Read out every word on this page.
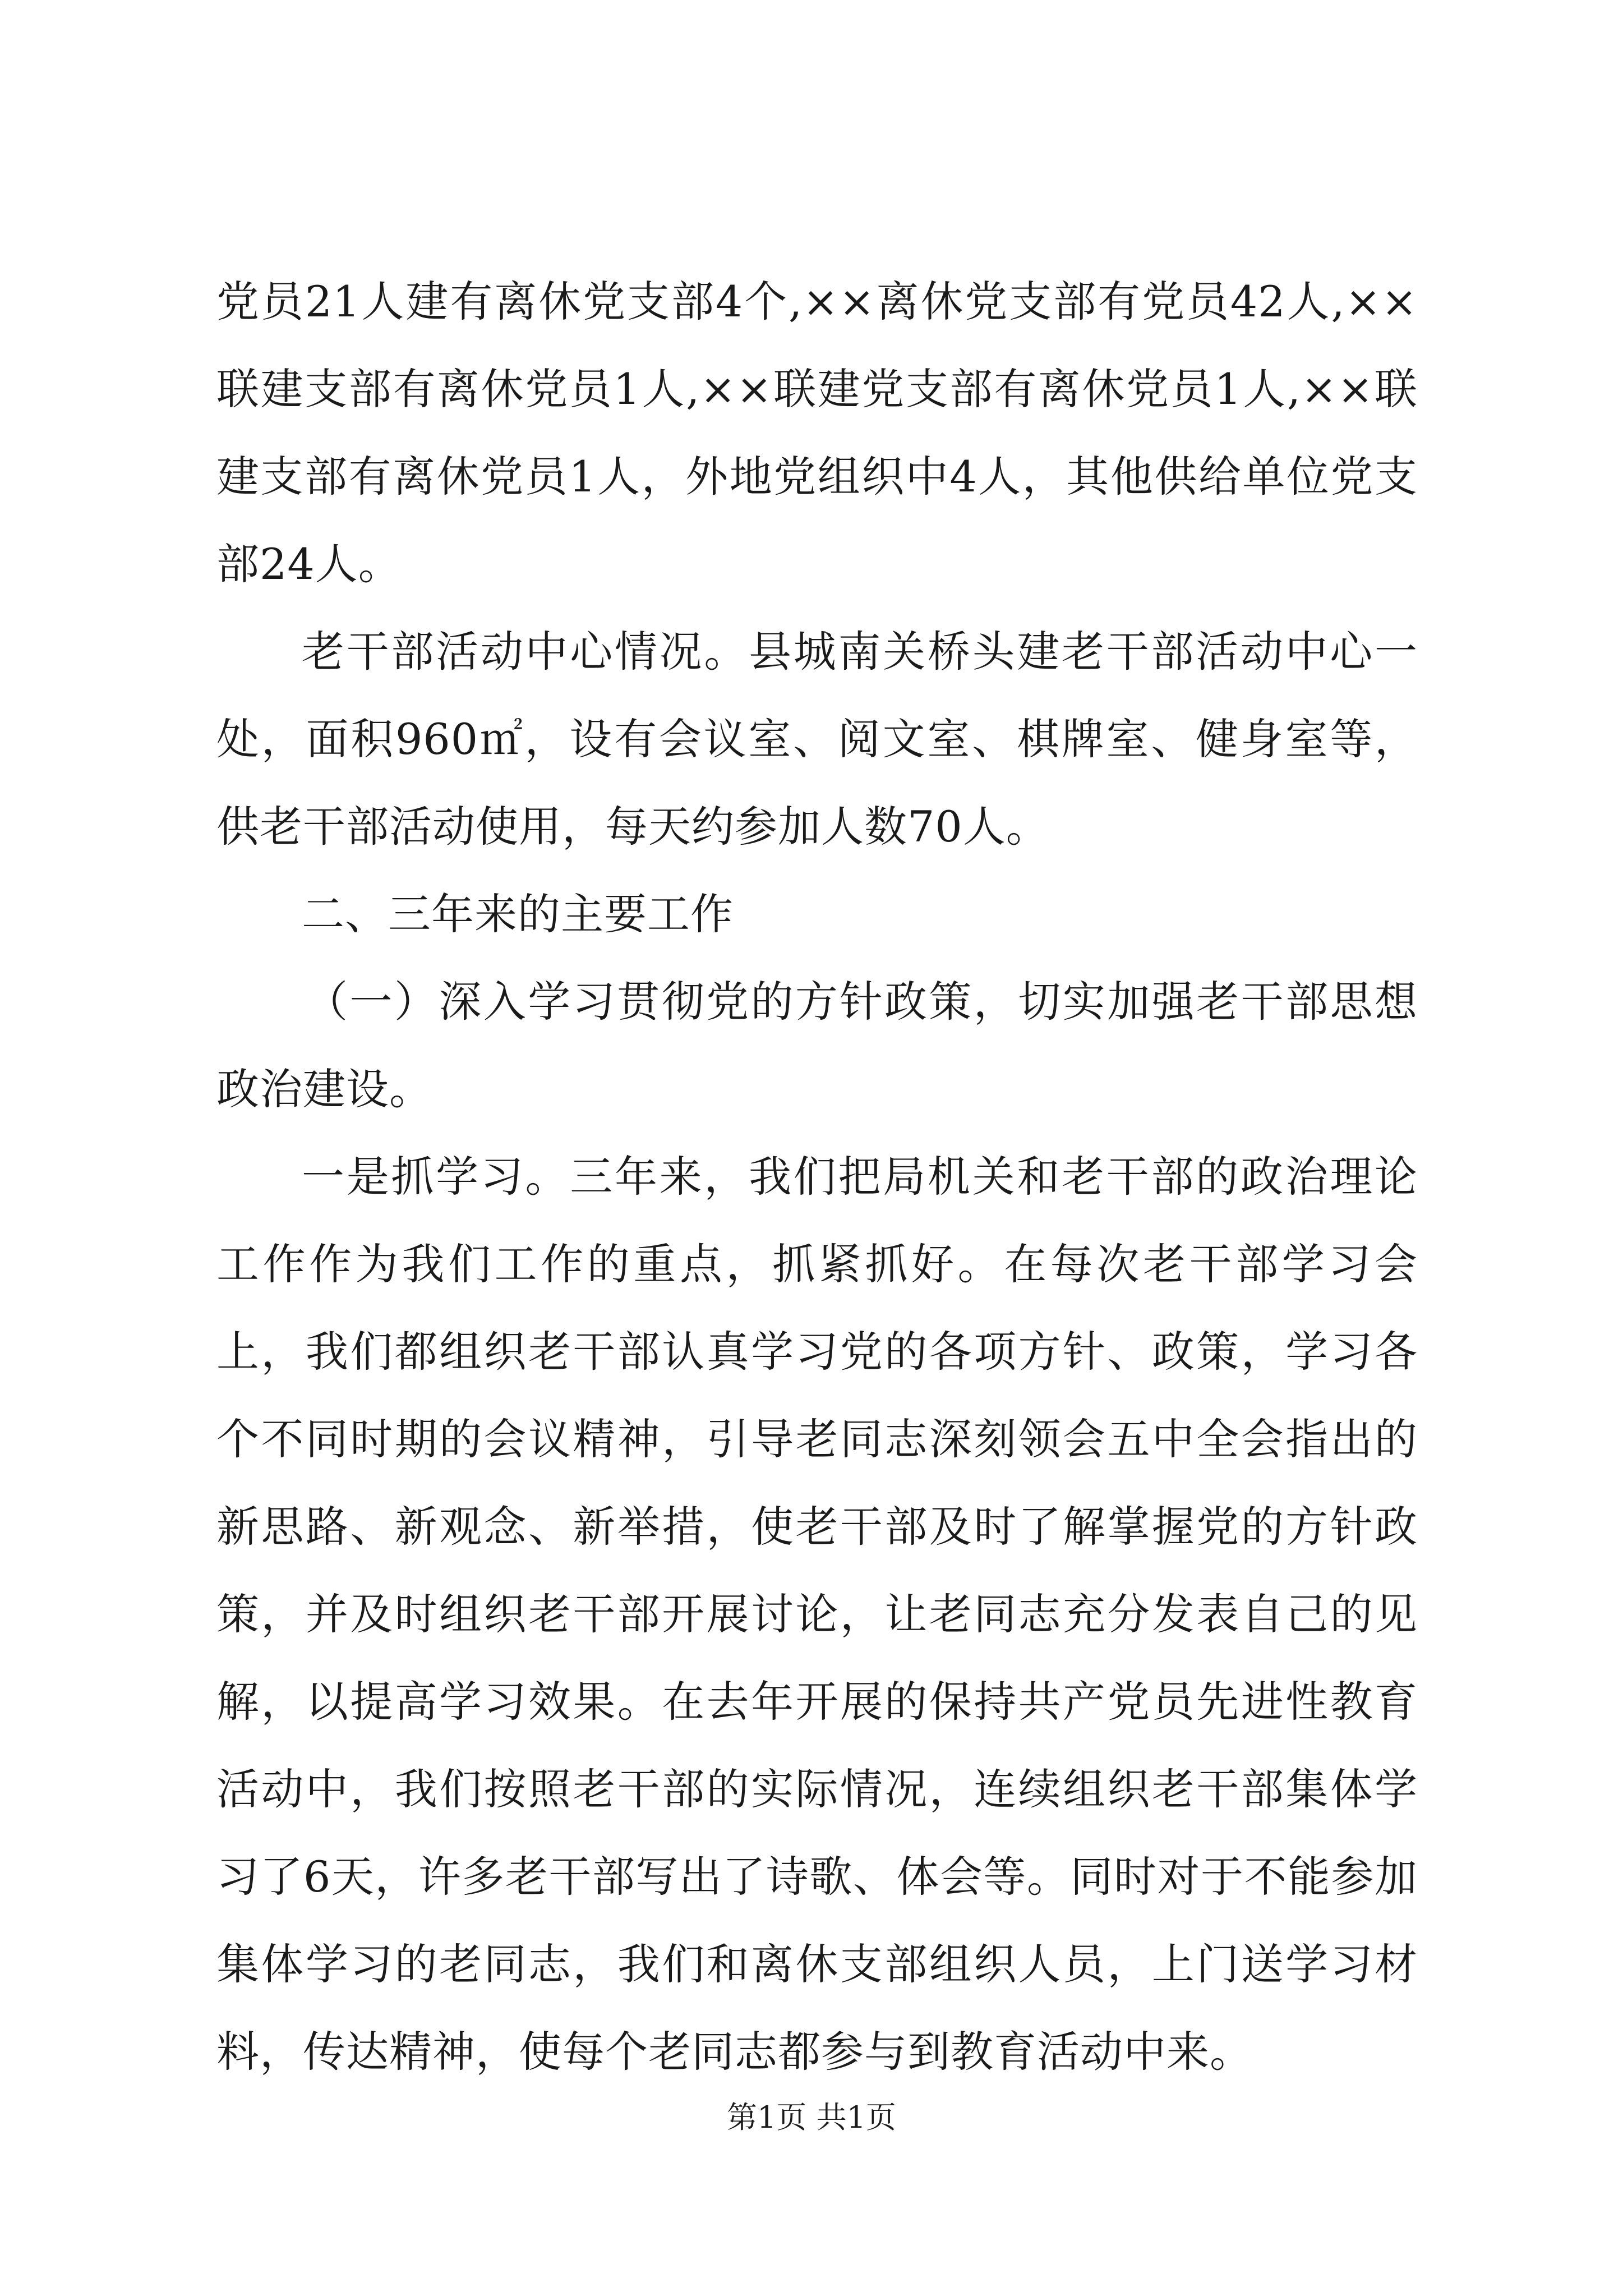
党员21人建有离休党支部4个,××离休党支部有党员42人,××联建支部有离休党员1人,××联建党支部有离休党员1人,××联建支部有离休党员1人，外地党组织中4人，其他供给单位党支部24人。

老干部活动中心情况。县城南关桥头建老干部活动中心一处，面积960㎡，设有会议室、阅文室、棋牌室、健身室等，供老干部活动使用，每天约参加人数70人。

二、三年来的主要工作

（一）深入学习贯彻党的方针政策，切实加强老干部思想政治建设。

一是抓学习。三年来，我们把局机关和老干部的政治理论工作作为我们工作的重点，抓紧抓好。在每次老干部学习会上，我们都组织老干部认真学习党的各项方针、政策，学习各个不同时期的会议精神，引导老同志深刻领会五中全会指出的新思路、新观念、新举措，使老干部及时了解掌握党的方针政策，并及时组织老干部开展讨论，让老同志充分发表自己的见解，以提高学习效果。在去年开展的保持共产党员先进性教育活动中，我们按照老干部的实际情况，连续组织老干部集体学习了6天，许多老干部写出了诗歌、体会等。同时对于不能参加集体学习的老同志，我们和离休支部组织人员，上门送学习材料，传达精神，使每个老同志都参与到教育活动中来。

第1页 共1页
